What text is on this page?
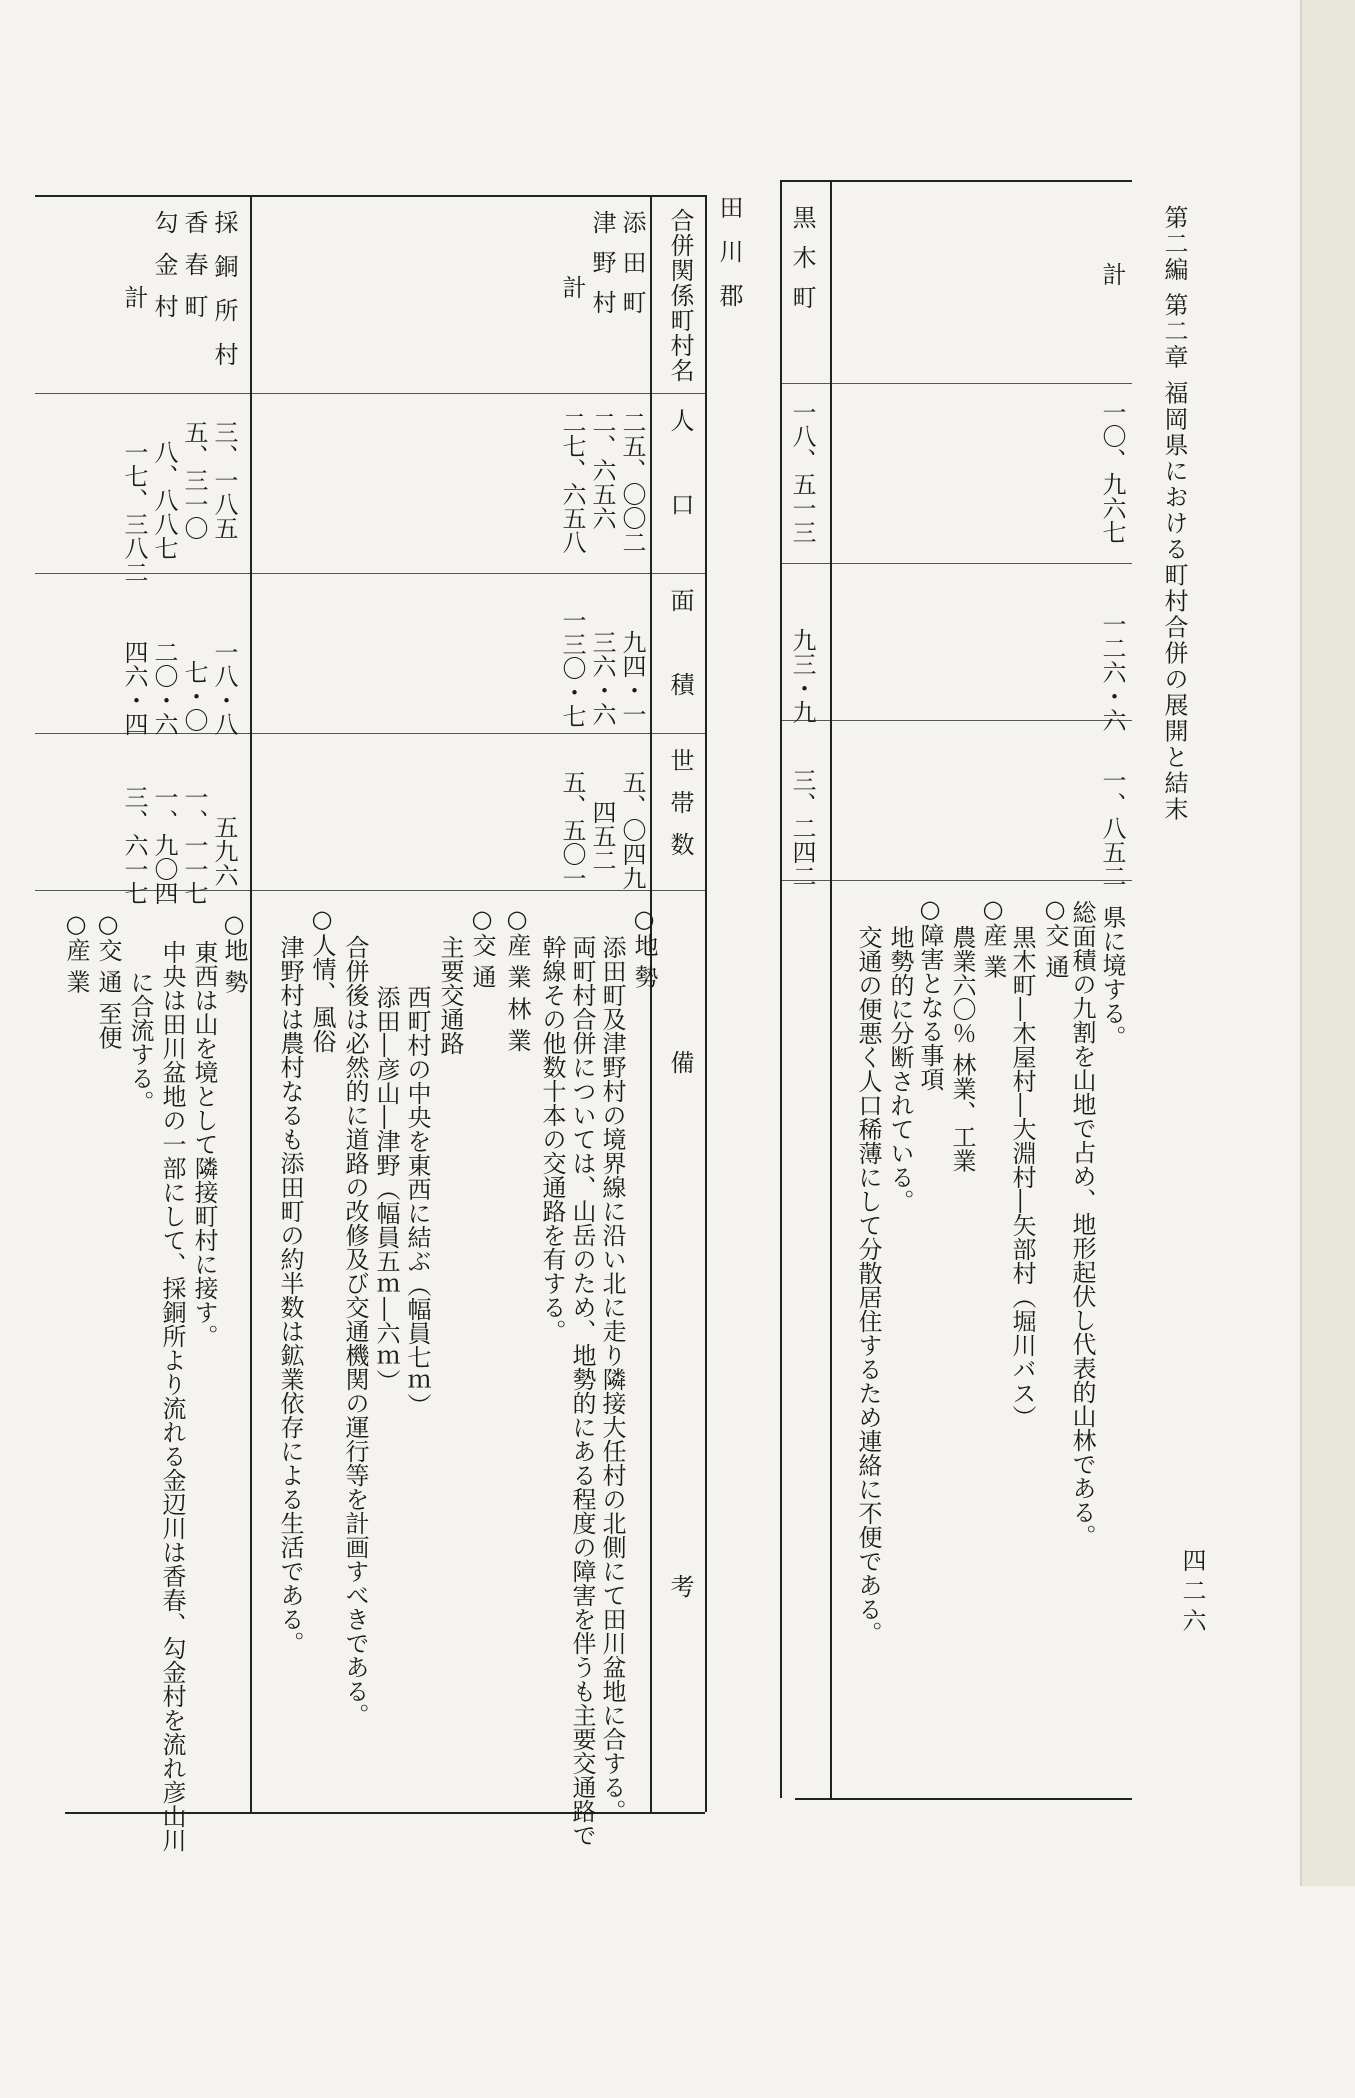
第二編 第二章 福岡県における町村合併の展開と結末
四二六
計
一〇、九六七
一二六・六
一、八五二
県に境する。
総面積の九割を山地で占め、地形起伏し代表的山林である。
○交 通
黒木町―木屋村―大淵村―矢部村（堀川バス）
○産 業
農業六〇％ 林業、工業
○障害となる事項
地勢的に分断されている。
交通の便悪く人口稀薄にして分散居住するため連絡に不便である。
黒木町
一八、五一三
九三・九
三、二四二
田川郡
合併関係町村名
人口
面積
世帯数
備考
添田町
二五、〇〇二
九四・一
五、〇四九
津野村
二、六五六
三六・六
四五二
計
二七、六五八
一三〇・七
五、五〇一
○地 勢
添田町及津野村の境界線に沿い北に走り隣接大任村の北側にて田川盆地に合する。
両町村合併については、山岳のため、地勢的にある程度の障害を伴うも主要交通路で
幹線その他数十本の交通路を有する。
○産 業 林 業
○交 通
主要交通路
西町村の中央を東西に結ぶ（幅員七ｍ）
添田―彦山―津野（幅員五ｍ―六ｍ）
合併後は必然的に道路の改修及び交通機関の運行等を計画すべきである。
○人情、風俗
津野村は農村なるも添田町の約半数は鉱業依存による生活である。
採銅所村
三、一八五
一八・八
五九六
香春町
五、三一〇
七・〇
一、一一七
勾金村
八、八八七
二〇・六
一、九〇四
計
一七、三八二
四六・四
三、六一七
○地 勢
東西は山を境として隣接町村に接す。
中央は田川盆地の一部にして、採銅所より流れる金辺川は香春、勾金村を流れ彦山川
に合流する。
○交 通 至便
○産 業
